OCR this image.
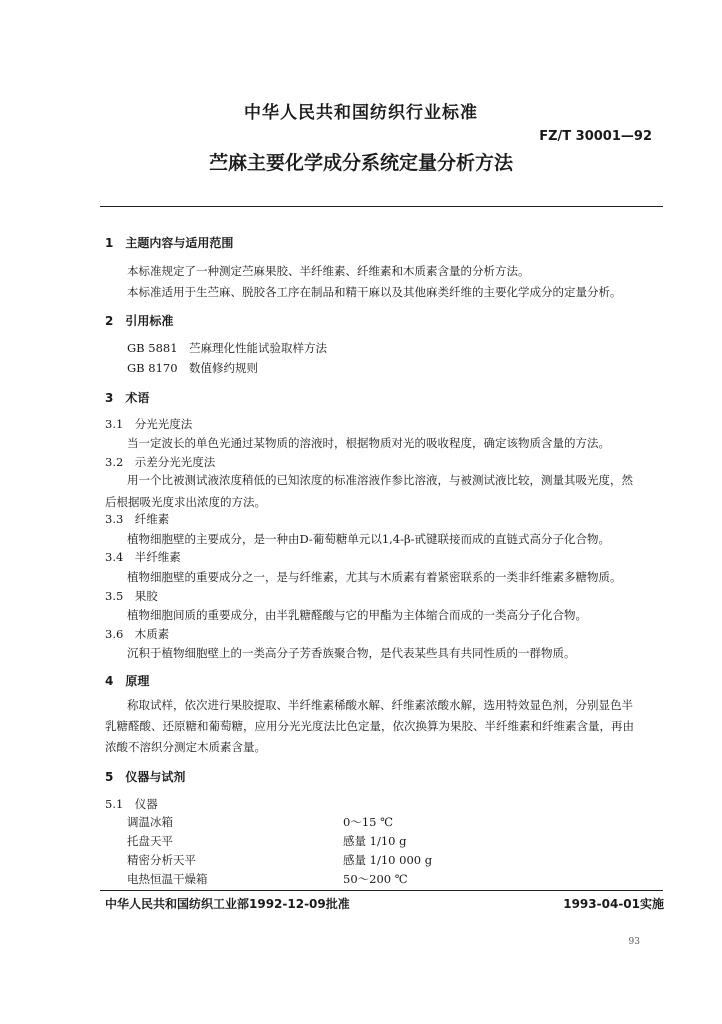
中华人民共和国纺织行业标准
FZ/T 30001—92
苎麻主要化学成分系统定量分析方法
1　主题内容与适用范围
本标准规定了一种测定苎麻果胶、半纤维素、纤维素和木质素含量的分析方法。
本标准适用于生苎麻、脱胶各工序在制品和精干麻以及其他麻类纤维的主要化学成分的定量分析。
2　引用标准
GB 5881　苎麻理化性能试验取样方法
GB 8170　数值修约规则
3　术语
3.1　分光光度法
当一定波长的单色光通过某物质的溶液时，根据物质对光的吸收程度，确定该物质含量的方法。
3.2　示差分光光度法
用一个比被测试液浓度稍低的已知浓度的标准溶液作参比溶液，与被测试液比较，测量其吸光度，然后根据吸光度求出浓度的方法。
3.3　纤维素
植物细胞壁的主要成分，是一种由D-葡萄糖单元以1,4-β-甙键联接而成的直链式高分子化合物。
3.4　半纤维素
植物细胞壁的重要成分之一，是与纤维素，尤其与木质素有着紧密联系的一类非纤维素多糖物质。
3.5　果胶
植物细胞间质的重要成分，由半乳糖醛酸与它的甲酯为主体缩合而成的一类高分子化合物。
3.6　木质素
沉积于植物细胞壁上的一类高分子芳香族聚合物，是代表某些具有共同性质的一群物质。
4　原理
称取试样，依次进行果胶提取、半纤维素稀酸水解、纤维素浓酸水解，选用特效显色剂，分别显色半乳糖醛酸、还原糖和葡萄糖，应用分光光度法比色定量，依次换算为果胶、半纤维素和纤维素含量，再由浓酸不溶织分测定木质素含量。
5　仪器与试剂
5.1　仪器
调温冰箱	0～15 ℃
托盘天平	感量 1/10 g
精密分析天平	感量 1/10 000 g
电热恒温干燥箱	50～200 ℃
中华人民共和国纺织工业部1992-12-09批准	1993-04-01实施
93
